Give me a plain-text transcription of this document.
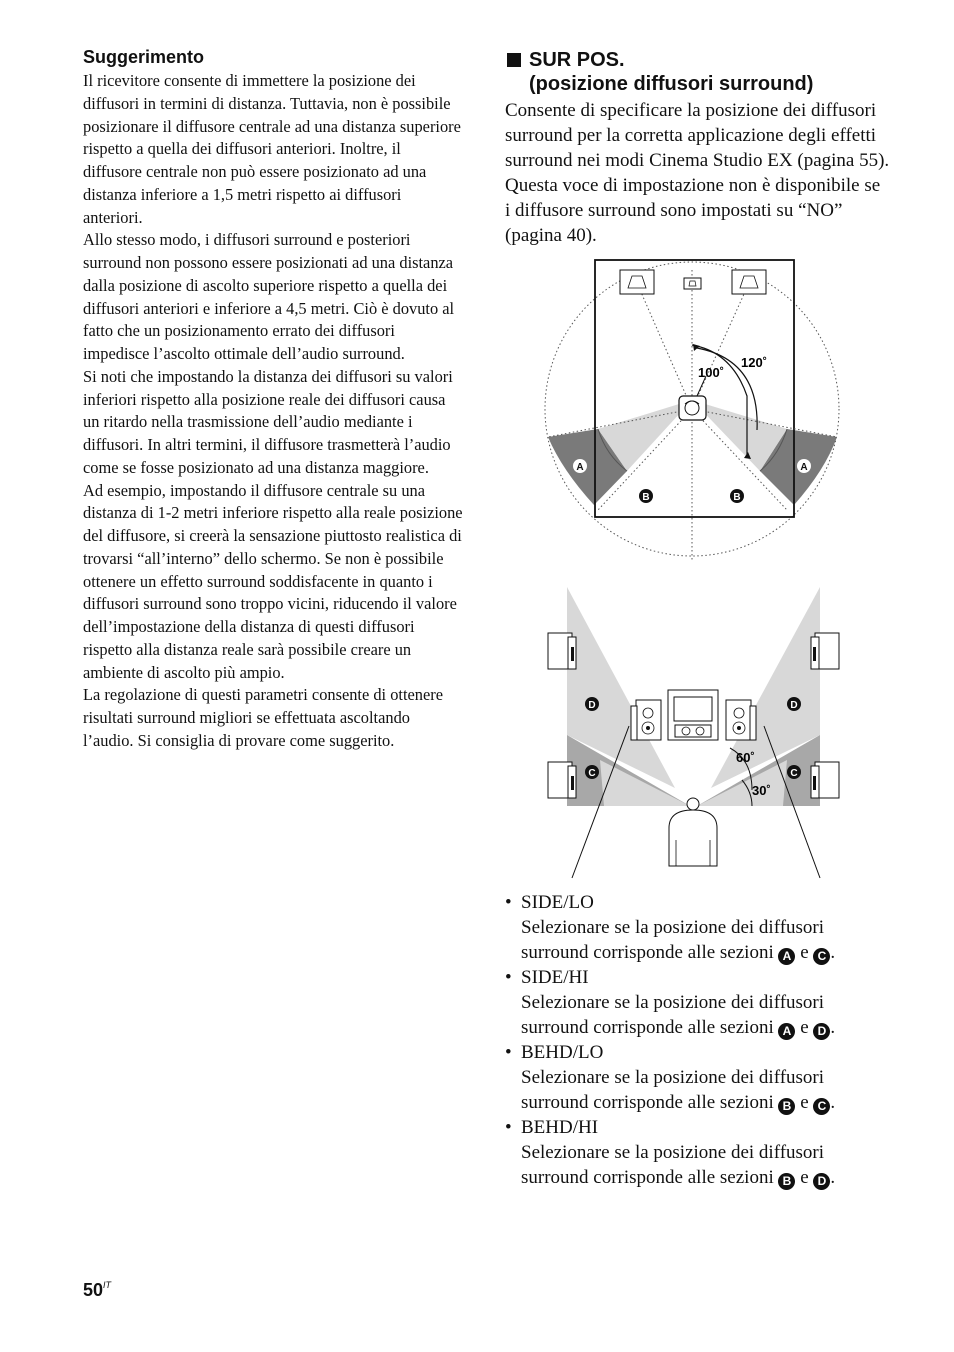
Suggerimento

Il ricevitore consente di immettere la posizione dei diffusori in termini di distanza. Tuttavia, non è possibile posizionare il diffusore centrale ad una distanza superiore rispetto a quella dei diffusori anteriori. Inoltre, il diffusore centrale non può essere posizionato ad una distanza inferiore a 1,5 metri rispetto ai diffusori anteriori.

Allo stesso modo, i diffusori surround e posteriori surround non possono essere posizionati ad una distanza dalla posizione di ascolto superiore rispetto a quella dei diffusori anteriori e inferiore a 4,5 metri. Ciò è dovuto al fatto che un posizionamento errato dei diffusori impedisce l’ascolto ottimale dell’audio surround.

Si noti che impostando la distanza dei diffusori su valori inferiori rispetto alla posizione reale dei diffusori causa un ritardo nella trasmissione dell’audio mediante i diffusori. In altri termini, il diffusore trasmetterà l’audio come se fosse posizionato ad una distanza maggiore.

Ad esempio, impostando il diffusore centrale su una distanza di 1-2 metri inferiore rispetto alla reale posizione del diffusore, si creerà la sensazione piuttosto realistica di trovarsi “all’interno” dello schermo. Se non è possibile ottenere un effetto surround soddisfacente in quanto i diffusori surround sono troppo vicini, riducendo il valore dell’impostazione della distanza di questi diffusori rispetto alla distanza reale sarà possibile creare un ambiente di ascolto più ampio.

La regolazione di questi parametri consente di ottenere risultati surround migliori se effettuata ascoltando l’audio. Si consiglia di provare come suggerito.

SUR POS.
(posizione diffusori surround)

Consente di specificare la posizione dei diffusori surround per la corretta applicazione degli effetti surround nei modi Cinema Studio EX (pagina 55). Questa voce di impostazione non è disponibile se i diffusore surround sono impostati su “NO” (pagina 40).

100˚
120˚
A	A
B	B
60˚
30˚
D	D
C	C
• SIDE/LO
Selezionare se la posizione dei diffusori surround corrisponde alle sezioni A e C .
• SIDE/HI
Selezionare se la posizione dei diffusori surround corrisponde alle sezioni A e D .
• BEHD/LO
Selezionare se la posizione dei diffusori surround corrisponde alle sezioni B e C .
• BEHD/HI
Selezionare se la posizione dei diffusori surround corrisponde alle sezioni B e D .
$50^{IT}$
